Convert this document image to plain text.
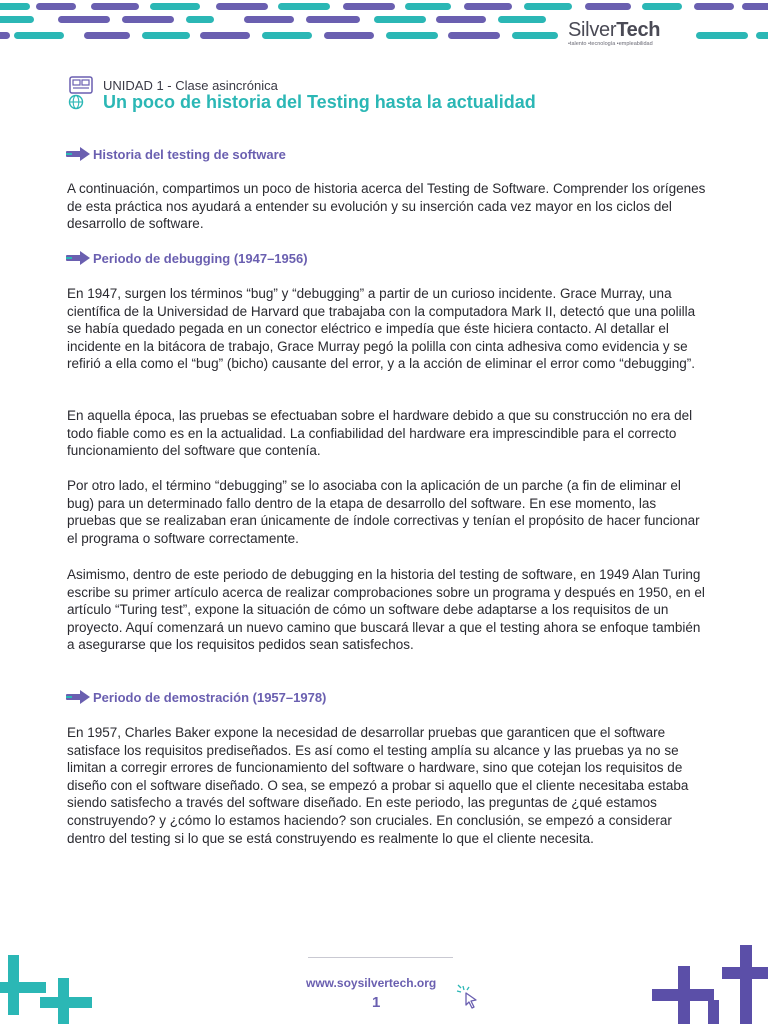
SilverTech
•talento •tecnología •empleabilidad
UNIDAD 1 - Clase asincrónica
Un poco de historia del Testing hasta la actualidad
Historia del testing de software

A continuación, compartimos un poco de historia acerca del Testing de Software. Comprender los orígenes de esta práctica nos ayudará a entender su evolución y su inserción cada vez mayor en los ciclos del desarrollo de software.

Periodo de debugging (1947–1956)

En 1947, surgen los términos “bug” y “debugging” a partir de un curioso incidente. Grace Murray, una científica de la Universidad de Harvard que trabajaba con la computadora Mark II, detectó que una polilla se había quedado pegada en un conector eléctrico e impedía que éste hiciera contacto. Al detallar el incidente en la bitácora de trabajo, Grace Murray pegó la polilla con cinta adhesiva como evidencia y se refirió a ella como el “bug” (bicho) causante del error, y a la acción de eliminar el error como “debugging”.

En aquella época, las pruebas se efectuaban sobre el hardware debido a que su construcción no era del todo fiable como es en la actualidad. La confiabilidad del hardware era imprescindible para el correcto funcionamiento del software que contenía.

Por otro lado, el término “debugging” se lo asociaba con la aplicación de un parche (a fin de eliminar el bug) para un determinado fallo dentro de la etapa de desarrollo del software. En ese momento, las pruebas que se realizaban eran únicamente de índole correctivas y tenían el propósito de hacer funcionar el programa o software correctamente.

Asimismo, dentro de este periodo de debugging en la historia del testing de software, en 1949 Alan Turing escribe su primer artículo acerca de realizar comprobaciones sobre un programa y después en 1950, en el artículo “Turing test”, expone la situación de cómo un software debe adaptarse a los requisitos de un proyecto. Aquí comenzará un nuevo camino que buscará llevar a que el testing ahora se enfoque también a asegurarse que los requisitos pedidos sean satisfechos.

Periodo de demostración (1957–1978)

En 1957, Charles Baker expone la necesidad de desarrollar pruebas que garanticen que el software satisface los requisitos prediseñados. Es así como el testing amplía su alcance y las pruebas ya no se limitan a corregir errores de funcionamiento del software o hardware, sino que cotejan los requisitos de diseño con el software diseñado. O sea, se empezó a probar si aquello que el cliente necesitaba estaba siendo satisfecho a través del software diseñado. En este periodo, las preguntas de ¿qué estamos construyendo? y ¿cómo lo estamos haciendo? son cruciales. En conclusión, se empezó a considerar dentro del testing si lo que se está construyendo es realmente lo que el cliente necesita.

www.soysilvertech.org
1
